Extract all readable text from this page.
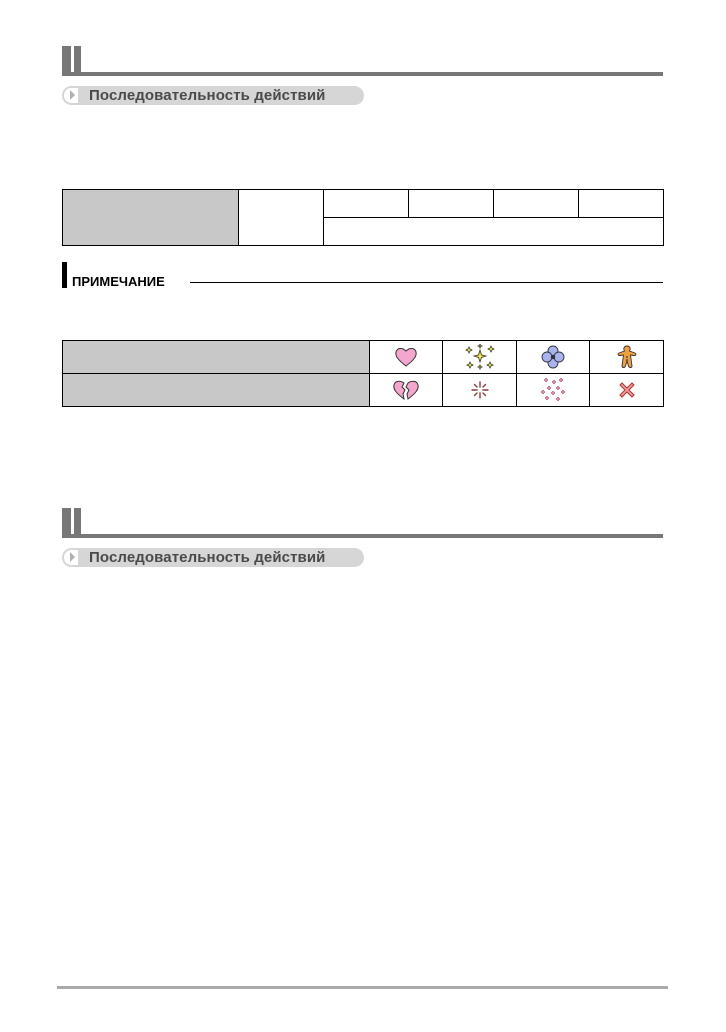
Последовательность действий

ПРИМЕЧАНИЕ

Последовательность действий
